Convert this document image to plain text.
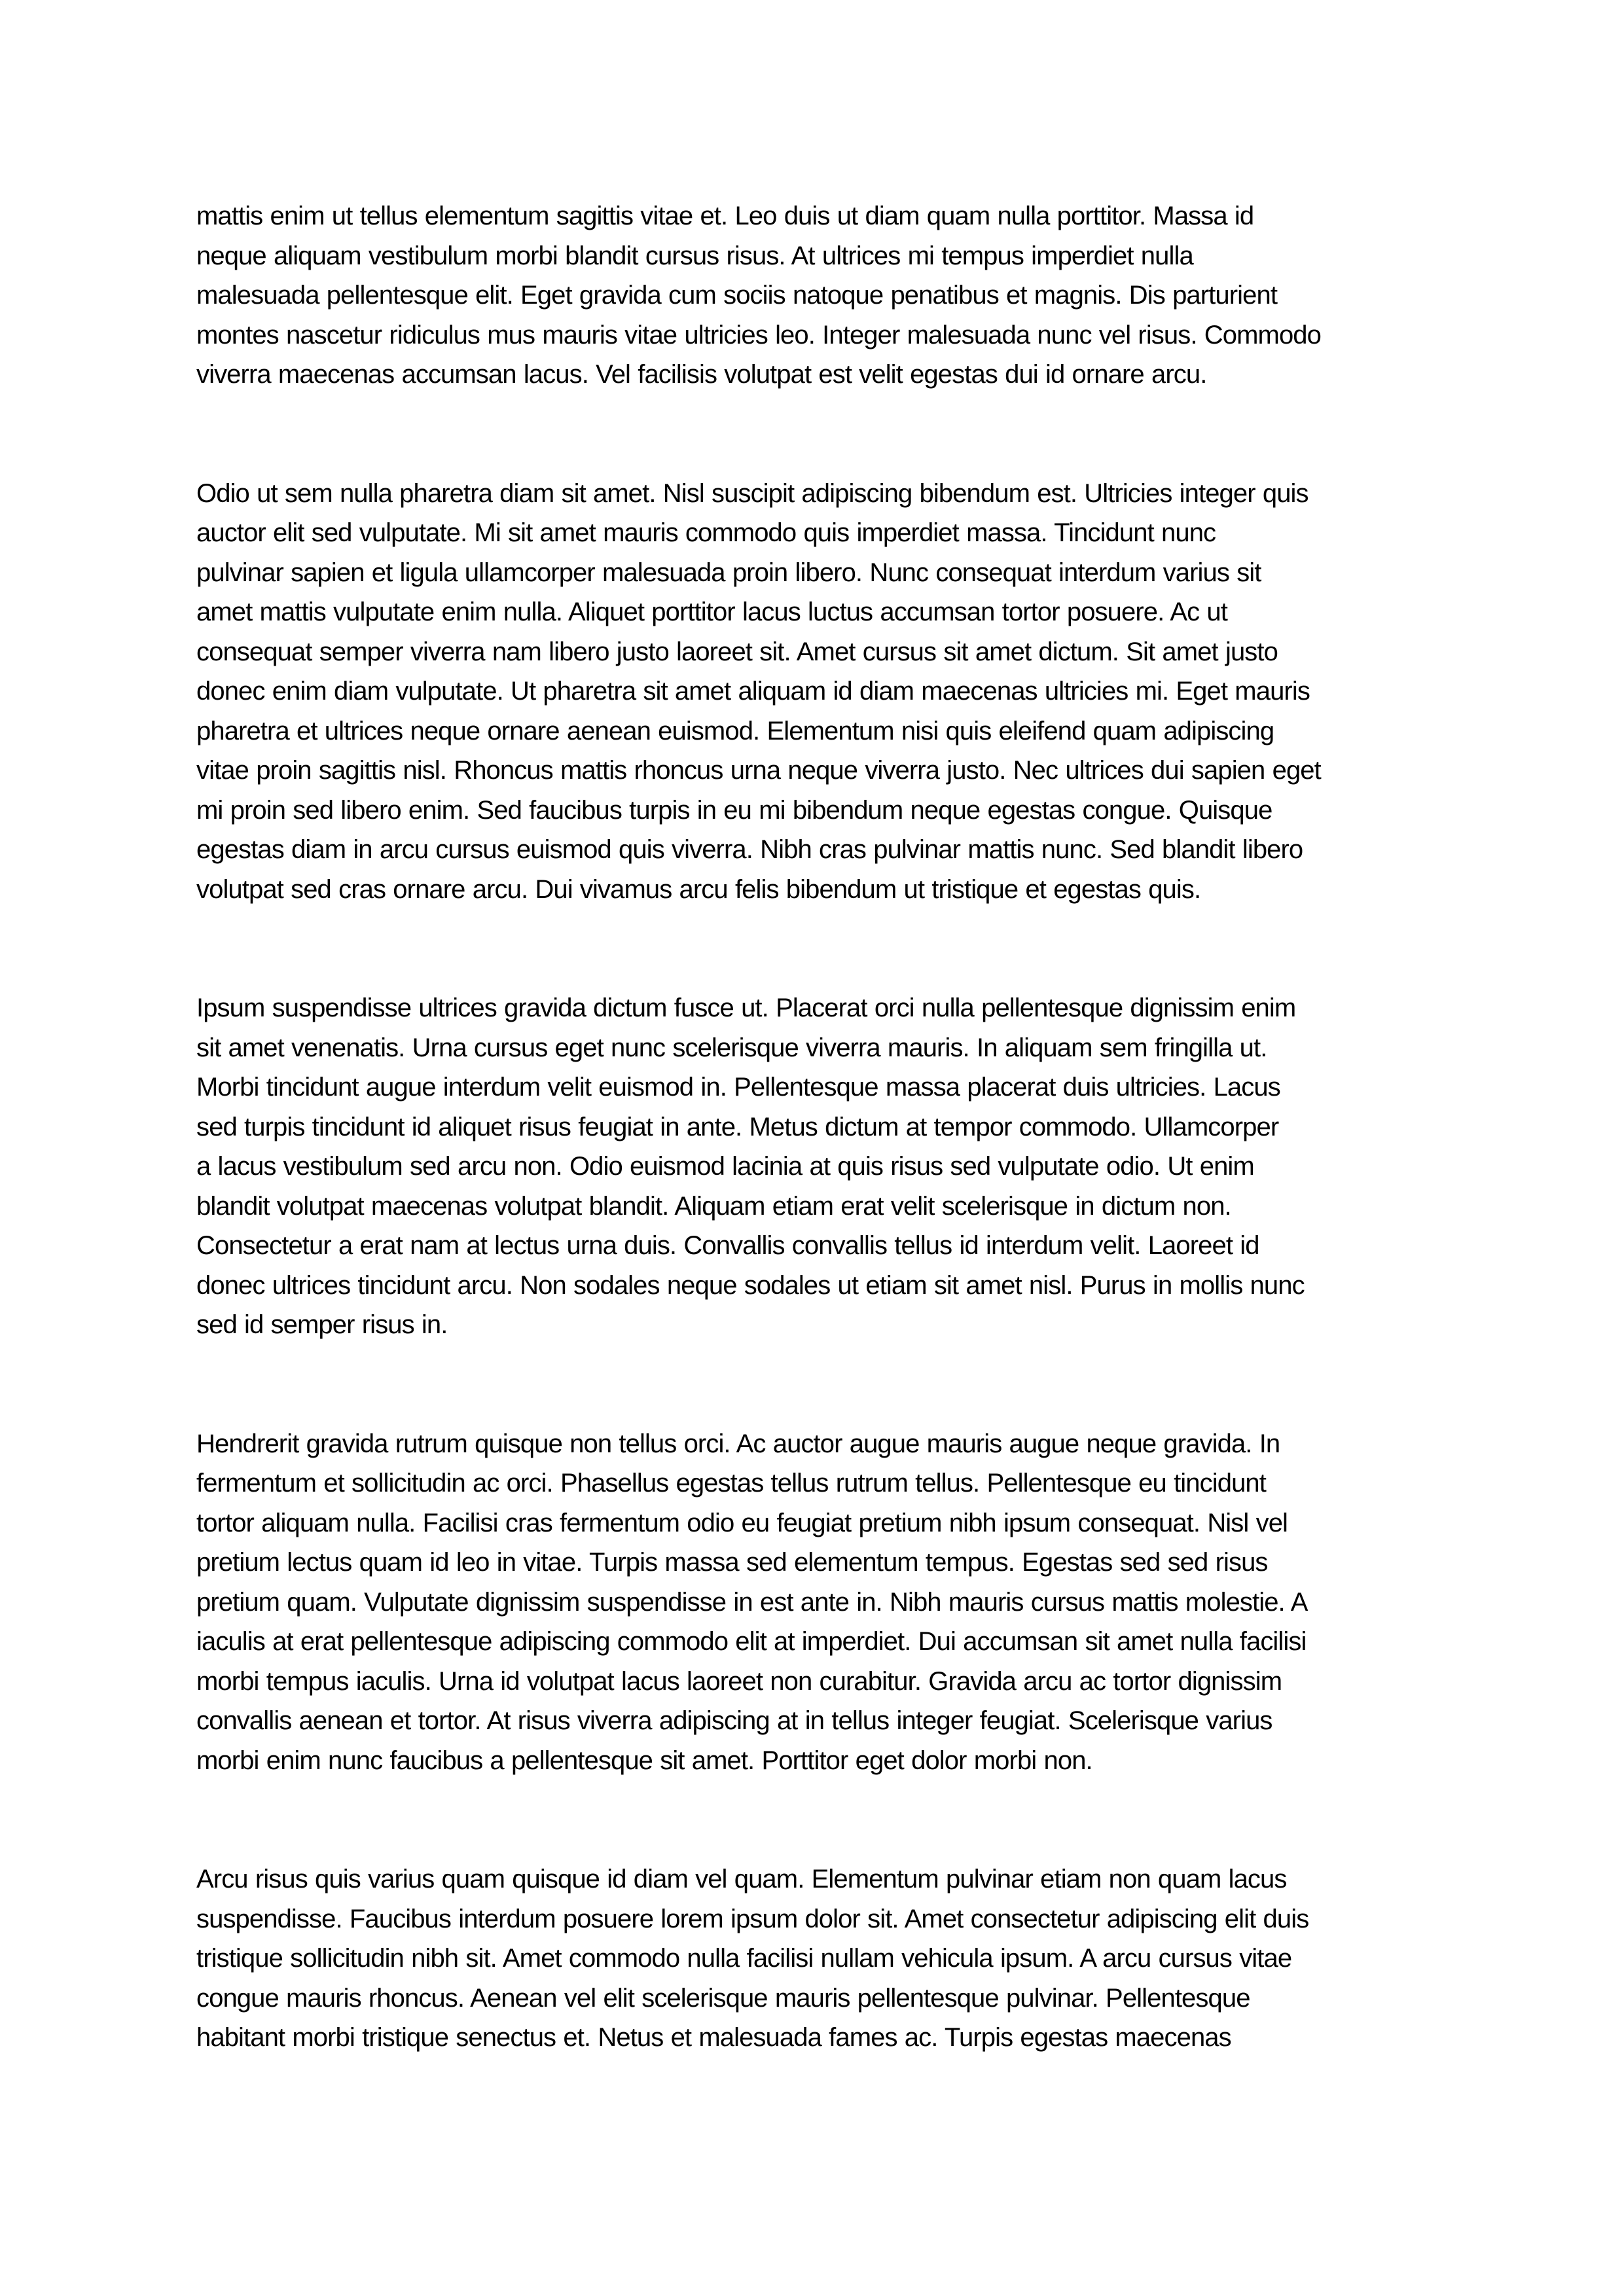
mattis enim ut tellus elementum sagittis vitae et. Leo duis ut diam quam nulla porttitor. Massa id
neque aliquam vestibulum morbi blandit cursus risus. At ultrices mi tempus imperdiet nulla
malesuada pellentesque elit. Eget gravida cum sociis natoque penatibus et magnis. Dis parturient
montes nascetur ridiculus mus mauris vitae ultricies leo. Integer malesuada nunc vel risus. Commodo
viverra maecenas accumsan lacus. Vel facilisis volutpat est velit egestas dui id ornare arcu.

Odio ut sem nulla pharetra diam sit amet. Nisl suscipit adipiscing bibendum est. Ultricies integer quis
auctor elit sed vulputate. Mi sit amet mauris commodo quis imperdiet massa. Tincidunt nunc
pulvinar sapien et ligula ullamcorper malesuada proin libero. Nunc consequat interdum varius sit
amet mattis vulputate enim nulla. Aliquet porttitor lacus luctus accumsan tortor posuere. Ac ut
consequat semper viverra nam libero justo laoreet sit. Amet cursus sit amet dictum. Sit amet justo
donec enim diam vulputate. Ut pharetra sit amet aliquam id diam maecenas ultricies mi. Eget mauris
pharetra et ultrices neque ornare aenean euismod. Elementum nisi quis eleifend quam adipiscing
vitae proin sagittis nisl. Rhoncus mattis rhoncus urna neque viverra justo. Nec ultrices dui sapien eget
mi proin sed libero enim. Sed faucibus turpis in eu mi bibendum neque egestas congue. Quisque
egestas diam in arcu cursus euismod quis viverra. Nibh cras pulvinar mattis nunc. Sed blandit libero
volutpat sed cras ornare arcu. Dui vivamus arcu felis bibendum ut tristique et egestas quis.

Ipsum suspendisse ultrices gravida dictum fusce ut. Placerat orci nulla pellentesque dignissim enim
sit amet venenatis. Urna cursus eget nunc scelerisque viverra mauris. In aliquam sem fringilla ut.
Morbi tincidunt augue interdum velit euismod in. Pellentesque massa placerat duis ultricies. Lacus
sed turpis tincidunt id aliquet risus feugiat in ante. Metus dictum at tempor commodo. Ullamcorper
a lacus vestibulum sed arcu non. Odio euismod lacinia at quis risus sed vulputate odio. Ut enim
blandit volutpat maecenas volutpat blandit. Aliquam etiam erat velit scelerisque in dictum non.
Consectetur a erat nam at lectus urna duis. Convallis convallis tellus id interdum velit. Laoreet id
donec ultrices tincidunt arcu. Non sodales neque sodales ut etiam sit amet nisl. Purus in mollis nunc
sed id semper risus in.

Hendrerit gravida rutrum quisque non tellus orci. Ac auctor augue mauris augue neque gravida. In
fermentum et sollicitudin ac orci. Phasellus egestas tellus rutrum tellus. Pellentesque eu tincidunt
tortor aliquam nulla. Facilisi cras fermentum odio eu feugiat pretium nibh ipsum consequat. Nisl vel
pretium lectus quam id leo in vitae. Turpis massa sed elementum tempus. Egestas sed sed risus
pretium quam. Vulputate dignissim suspendisse in est ante in. Nibh mauris cursus mattis molestie. A
iaculis at erat pellentesque adipiscing commodo elit at imperdiet. Dui accumsan sit amet nulla facilisi
morbi tempus iaculis. Urna id volutpat lacus laoreet non curabitur. Gravida arcu ac tortor dignissim
convallis aenean et tortor. At risus viverra adipiscing at in tellus integer feugiat. Scelerisque varius
morbi enim nunc faucibus a pellentesque sit amet. Porttitor eget dolor morbi non.

Arcu risus quis varius quam quisque id diam vel quam. Elementum pulvinar etiam non quam lacus
suspendisse. Faucibus interdum posuere lorem ipsum dolor sit. Amet consectetur adipiscing elit duis
tristique sollicitudin nibh sit. Amet commodo nulla facilisi nullam vehicula ipsum. A arcu cursus vitae
congue mauris rhoncus. Aenean vel elit scelerisque mauris pellentesque pulvinar. Pellentesque
habitant morbi tristique senectus et. Netus et malesuada fames ac. Turpis egestas maecenas
